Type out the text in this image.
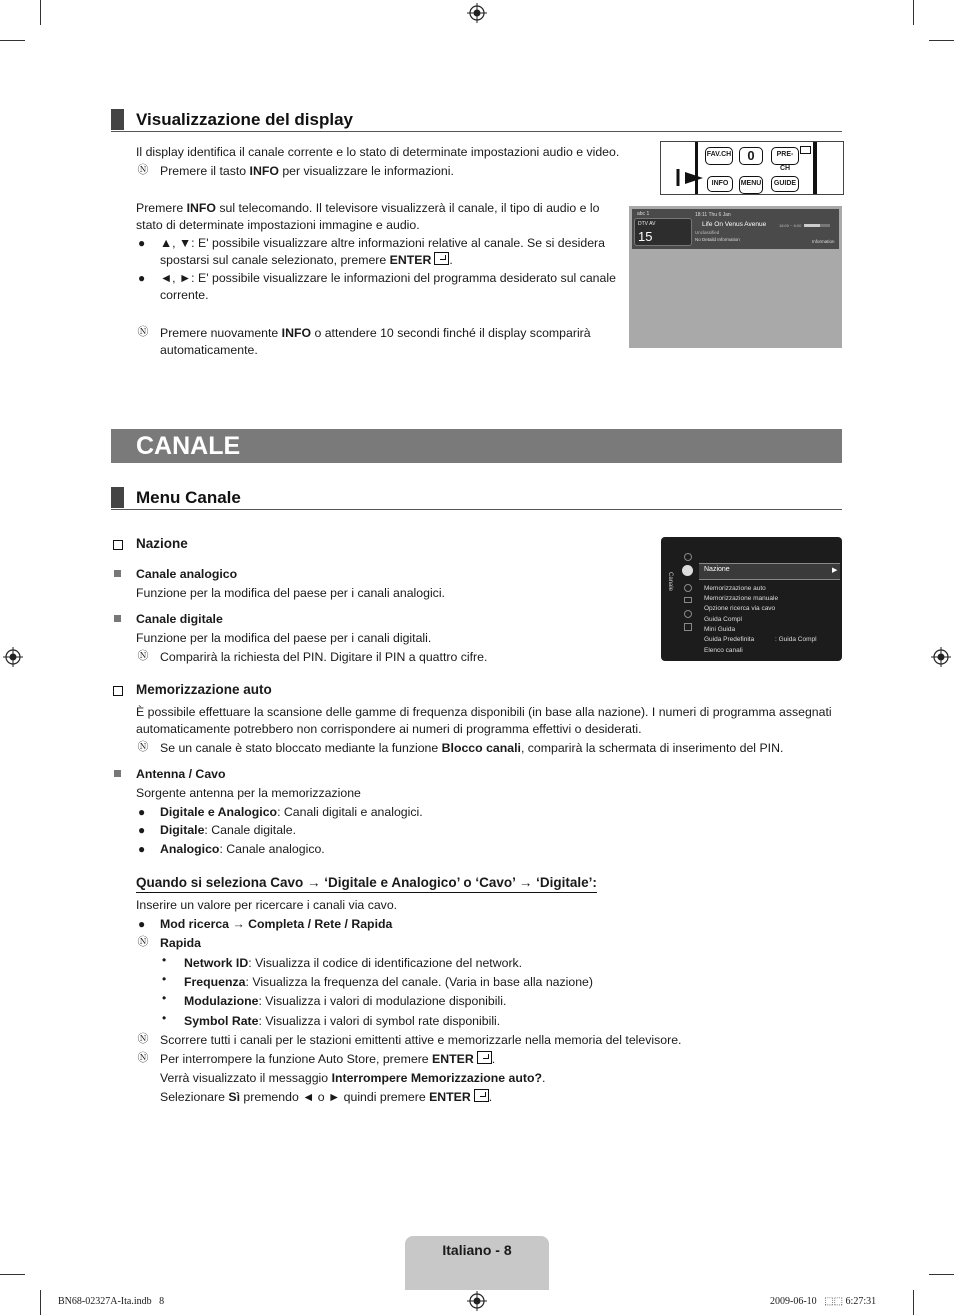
Visualizzazione del display
Il display identifica il canale corrente e lo stato di determinate impostazioni audio e video.
Ⓝ Premere il tasto INFO per visualizzare le informazioni.
Premere INFO sul telecomando. Il televisore visualizzerà il canale, il tipo di audio e lo
stato di determinate impostazioni immagine e audio.
● ▲, ▼: E' possibile visualizzare altre informazioni relative al canale. Se si desidera
spostarsi sul canale selezionato, premere ENTER .
● ◄, ►: E' possibile visualizzare le informazioni del programma desiderato sul canale
corrente.
Ⓝ Premere nuovamente INFO o attendere 10 secondi finché il display scomparirà
automaticamente.
FAV.CH	0	PRE-CH
INFO	MENU	GUIDE
abc 1
DTV AV
15
18:11 Thu 6 Jan
Life On Venus Avenue
Unclassified
No Detaild Information
18:00 ~ 6:00
Information
CANALE
Menu Canale
Nazione
Canale analogico
Funzione per la modifica del paese per i canali analogici.
Canale digitale
Funzione per la modifica del paese per i canali digitali.
Ⓝ Comparirà la richiesta del PIN. Digitare il PIN a quattro cifre.
Canale
Nazione	▶
Memorizzazione auto
Memorizzazione manuale
Opzione ricerca via cavo
Guida Compl
Mini Guida
Guida Predefinita	: Guida Compl
Elenco canali
Memorizzazione auto
È possibile effettuare la scansione delle gamme di frequenza disponibili (in base alla nazione). I numeri di programma assegnati
automaticamente potrebbero non corrispondere ai numeri di programma effettivi o desiderati.
Ⓝ Se un canale è stato bloccato mediante la funzione Blocco canali, comparirà la schermata di inserimento del PIN.
Antenna / Cavo
Sorgente antenna per la memorizzazione
● Digitale e Analogico: Canali digitali e analogici.
● Digitale: Canale digitale.
● Analogico: Canale analogico.
Quando si seleziona Cavo → ‘Digitale e Analogico’ o ‘Cavo’ → ‘Digitale’:
Inserire un valore per ricercare i canali via cavo.
● Mod ricerca → Completa / Rete / Rapida
Ⓝ Rapida
• Network ID: Visualizza il codice di identificazione del network.
• Frequenza: Visualizza la frequenza del canale. (Varia in base alla nazione)
• Modulazione: Visualizza i valori di modulazione disponibili.
• Symbol Rate: Visualizza i valori di symbol rate disponibili.
Ⓝ Scorrere tutti i canali per le stazioni emittenti attive e memorizzarle nella memoria del televisore.
Ⓝ Per interrompere la funzione Auto Store, premere ENTER .
Verrà visualizzato il messaggio Interrompere Memorizzazione auto?.
Selezionare Sì premendo ◄ o ► quindi premere ENTER .
Italiano - 8
BN68-02327A-Ita.indb   8	2009-06-10   ⬚⬚ 6:27:31
